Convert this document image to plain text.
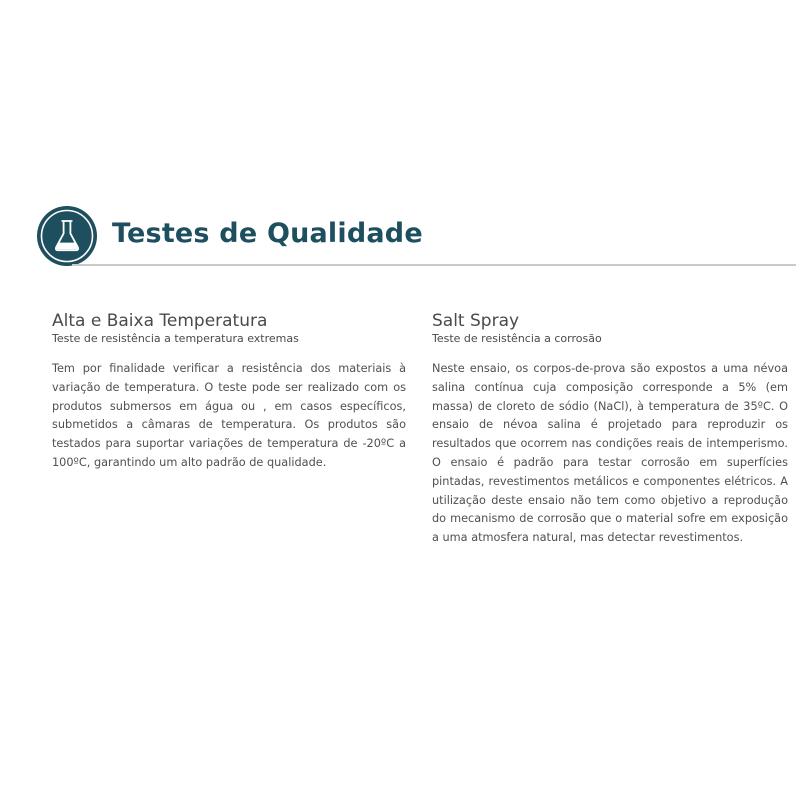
Testes de Qualidade
Alta e Baixa Temperatura

Teste de resistência a temperatura extremas

Tem por finalidade verificar a resistência dos materiais à variação de temperatura. O teste pode ser realizado com os produtos submersos em água ou , em casos específicos, submetidos a câmaras de temperatura. Os produtos são testados para suportar variações de temperatura de -20ºC a 100ºC, garantindo um alto padrão de qualidade.

Salt Spray

Teste de resistência a corrosão

Neste ensaio, os corpos-de-prova são expostos a uma névoa salina contínua cuja composição corresponde a 5% (em massa) de cloreto de sódio (NaCl), à temperatura de 35ºC. O ensaio de névoa salina é projetado para reproduzir os resultados que ocorrem nas condições reais de intemperismo. O ensaio é padrão para testar corrosão em superfícies pintadas, revestimentos metálicos e componentes elétricos. A utilização deste ensaio não tem como objetivo a reprodução do mecanismo de corrosão que o material sofre em exposição a uma atmosfera natural, mas detectar revestimentos.
